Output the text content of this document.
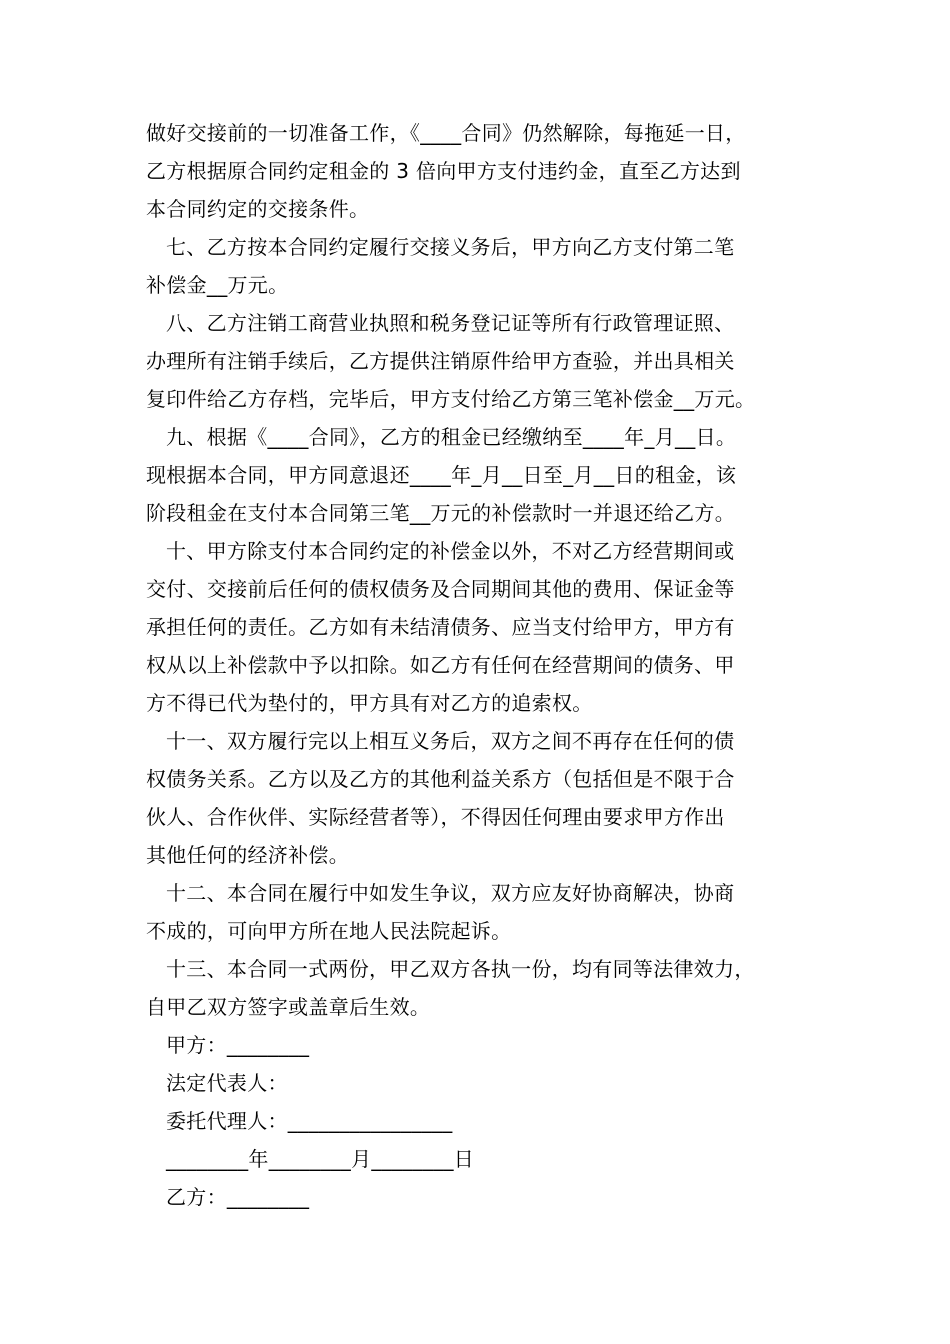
做好交接前的一切准备工作，《____合同》仍然解除，每拖延一日，
乙方根据原合同约定租金的 3 倍向甲方支付违约金，直至乙方达到
本合同约定的交接条件。
七、乙方按本合同约定履行交接义务后，甲方向乙方支付第二笔
补偿金__万元。
八、乙方注销工商营业执照和税务登记证等所有行政管理证照、
办理所有注销手续后，乙方提供注销原件给甲方查验，并出具相关
复印件给乙方存档，完毕后，甲方支付给乙方第三笔补偿金__万元。
九、根据《____合同》，乙方的租金已经缴纳至____年_月__日。
现根据本合同，甲方同意退还____年_月__日至_月__日的租金，该
阶段租金在支付本合同第三笔__万元的补偿款时一并退还给乙方。
十、甲方除支付本合同约定的补偿金以外，不对乙方经营期间或
交付、交接前后任何的债权债务及合同期间其他的费用、保证金等
承担任何的责任。乙方如有未结清债务、应当支付给甲方，甲方有
权从以上补偿款中予以扣除。如乙方有任何在经营期间的债务、甲
方不得已代为垫付的，甲方具有对乙方的追索权。
十一、双方履行完以上相互义务后，双方之间不再存在任何的债
权债务关系。乙方以及乙方的其他利益关系方（包括但是不限于合
伙人、合作伙伴、实际经营者等），不得因任何理由要求甲方作出
其他任何的经济补偿。
十二、本合同在履行中如发生争议，双方应友好协商解决，协商
不成的，可向甲方所在地人民法院起诉。
十三、本合同一式两份，甲乙双方各执一份，均有同等法律效力，
自甲乙双方签字或盖章后生效。
甲方：________
法定代表人：
委托代理人：________________
________年________月________日
乙方：________
